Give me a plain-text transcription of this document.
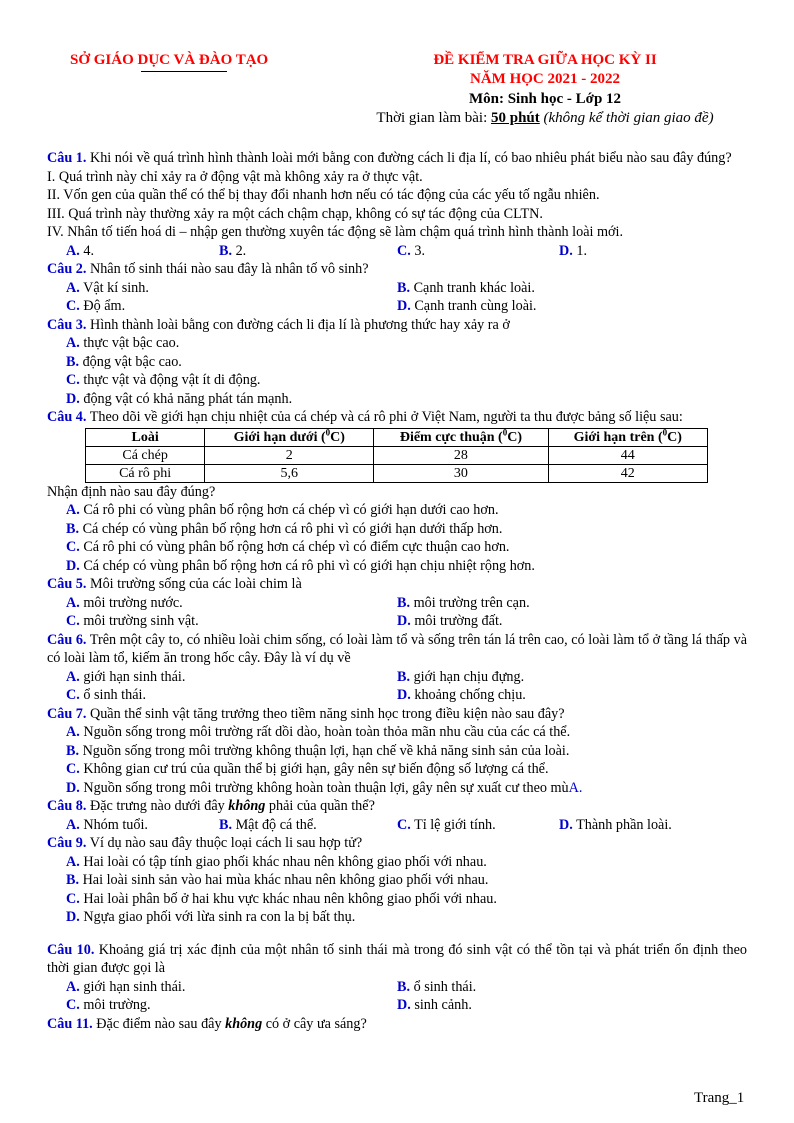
SỞ GIÁO DỤC VÀ ĐÀO TẠO	ĐỀ KIỂM TRA GIỮA HỌC KỲ II
NĂM HỌC 2021 - 2022
Môn: Sinh học - Lớp 12
Thời gian làm bài: 50 phút (không kể thời gian giao đề)
Câu 1. Khi nói về quá trình hình thành loài mới bằng con đường cách li địa lí, có bao nhiêu phát biểu nào sau đây đúng?
I. Quá trình này chỉ xảy ra ở động vật mà không xảy ra ở thực vật.
II. Vốn gen của quần thể có thể bị thay đổi nhanh hơn nếu có tác động của các yếu tố ngẫu nhiên.
III. Quá trình này thường xảy ra một cách chậm chạp, không có sự tác động của CLTN.
IV. Nhân tố tiến hoá di – nhập gen thường xuyên tác động sẽ làm chậm quá trình hình thành loài mới.
A. 4.	B. 2.	C. 3.	D. 1.
Câu 2. Nhân tố sinh thái nào sau đây là nhân tố vô sinh?
A. Vật kí sinh.	B. Cạnh tranh khác loài.
C. Độ ẩm.	D. Cạnh tranh cùng loài.
Câu 3. Hình thành loài bằng con đường cách li địa lí là phương thức hay xảy ra ở
A. thực vật bậc cao.
B. động vật bậc cao.
C. thực vật và động vật ít di động.
D. động vật có khả năng phát tán mạnh.
Câu 4. Theo dõi về giới hạn chịu nhiệt của cá chép và cá rô phi ở Việt Nam, người ta thu được bảng số liệu sau:
Loài	Giới hạn dưới ($^0$C)	Điểm cực thuận ($^0$C)	Giới hạn trên ($^0$C)
Cá chép	2	28	44
Cá rô phi	5,6	30	42
Nhận định nào sau đây đúng?
A. Cá rô phi có vùng phân bố rộng hơn cá chép vì có giới hạn dưới cao hơn.
B. Cá chép có vùng phân bố rộng hơn cá rô phi vì có giới hạn dưới thấp hơn.
C. Cá rô phi có vùng phân bố rộng hơn cá chép vì có điểm cực thuận cao hơn.
D. Cá chép có vùng phân bố rộng hơn cá rô phi vì có giới hạn chịu nhiệt rộng hơn.
Câu 5. Môi trường sống của các loài chim là
A. môi trường nước.	B. môi trường trên cạn.
C. môi trường sinh vật.	D. môi trường đất.
Câu 6. Trên một cây to, có nhiều loài chim sống, có loài làm tổ và sống trên tán lá trên cao, có loài làm tổ ở tầng lá thấp và có loài làm tổ, kiếm ăn trong hốc cây. Đây là ví dụ về
A. giới hạn sinh thái.	B. giới hạn chịu đựng.
C. ổ sinh thái.	D. khoảng chống chịu.
Câu 7. Quần thể sinh vật tăng trưởng theo tiềm năng sinh học trong điều kiện nào sau đây?
A. Nguồn sống trong môi trường rất dồi dào, hoàn toàn thỏa mãn nhu cầu của các cá thể.
B. Nguồn sống trong môi trường không thuận lợi, hạn chế về khả năng sinh sản của loài.
C. Không gian cư trú của quần thể bị giới hạn, gây nên sự biến động số lượng cá thể.
D. Nguồn sống trong môi trường không hoàn toàn thuận lợi, gây nên sự xuất cư theo mùA.
Câu 8. Đặc trưng nào dưới đây không phải của quần thể?
A. Nhóm tuổi.	B. Mật độ cá thể.	C. Tỉ lệ giới tính.	D. Thành phần loài.
Câu 9. Ví dụ nào sau đây thuộc loại cách li sau hợp tử?
A. Hai loài có tập tính giao phối khác nhau nên không giao phối với nhau.
B. Hai loài sinh sản vào hai mùa khác nhau nên không giao phối với nhau.
C. Hai loài phân bố ở hai khu vực khác nhau nên không giao phối với nhau.
D. Ngựa giao phối với lừa sinh ra con la bị bất thụ.
Câu 10. Khoảng giá trị xác định của một nhân tố sinh thái mà trong đó sinh vật có thể tồn tại và phát triển ổn định theo thời gian được gọi là
A. giới hạn sinh thái.	B. ổ sinh thái.
C. môi trường.	D. sinh cảnh.
Câu 11. Đặc điểm nào sau đây không có ở cây ưa sáng?
Trang_1
